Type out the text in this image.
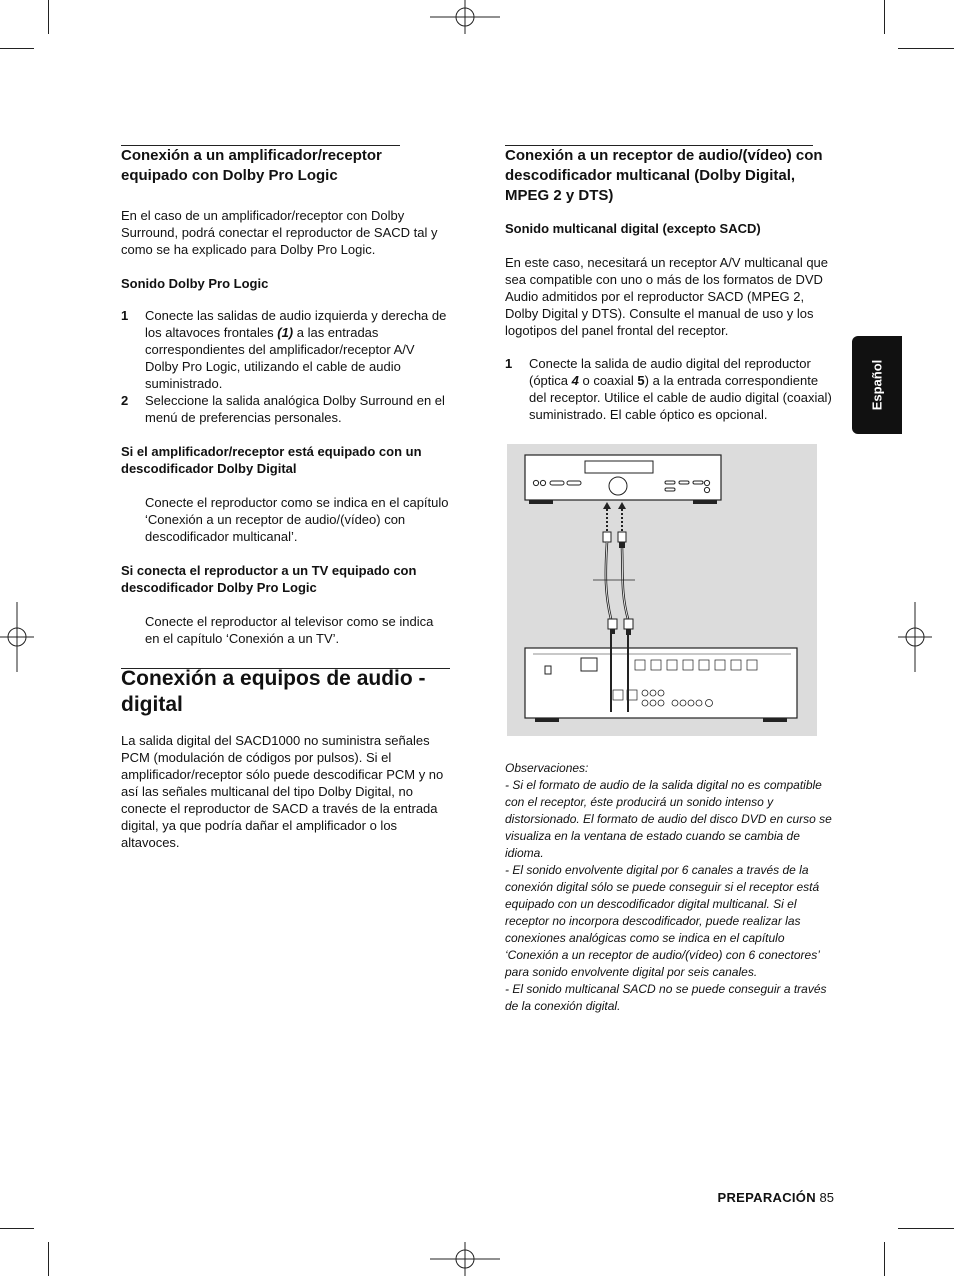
Conexión a un amplificador/receptor equipado con Dolby Pro Logic

En el caso de un amplificador/receptor con Dolby Surround, podrá conectar el reproductor de SACD tal y como se ha explicado para Dolby Pro Logic.

Sonido Dolby Pro Logic

1 Conecte las salidas de audio izquierda y derecha de los altavoces frontales (1) a las entradas correspondientes del amplificador/receptor A/V Dolby Pro Logic, utilizando el cable de audio suministrado.
2 Seleccione la salida analógica Dolby Surround en el menú de preferencias personales.

Si el amplificador/receptor está equipado con un descodificador Dolby Digital

Conecte el reproductor como se indica en el capítulo ‘Conexión a un receptor de audio/(vídeo) con descodificador multicanal’.

Si conecta el reproductor a un TV equipado con descodificador Dolby Pro Logic

Conecte el reproductor al televisor como se indica en el capítulo ‘Conexión a un TV’.

Conexión a equipos de audio - digital

La salida digital del SACD1000 no suministra señales PCM (modulación de códigos por pulsos). Si el amplificador/receptor sólo puede descodificar PCM y no así las señales multicanal del tipo Dolby Digital, no conecte el reproductor de SACD a través de la entrada digital, ya que podría dañar el amplificador o los altavoces.

Conexión a un receptor de audio/(vídeo) con descodificador multicanal (Dolby Digital, MPEG 2 y DTS)

Sonido multicanal digital (excepto SACD)

En este caso, necesitará un receptor A/V multicanal que sea compatible con uno o más de los formatos de DVD Audio admitidos por el reproductor SACD (MPEG 2, Dolby Digital y DTS). Consulte el manual de uso y los logotipos del panel frontal del receptor.

1 Conecte la salida de audio digital del reproductor (óptica 4 o coaxial 5) a la entrada correspondiente del receptor. Utilice el cable de audio digital (coaxial) suministrado. El cable óptico es opcional.

Observaciones:

- Si el formato de audio de la salida digital no es compatible con el receptor, éste producirá un sonido intenso y distorsionado. El formato de audio del disco DVD en curso se visualiza en la ventana de estado cuando se cambia de idioma.

- El sonido envolvente digital por 6 canales a través de la conexión digital sólo se puede conseguir si el receptor está equipado con un descodificador digital multicanal. Si el receptor no incorpora descodificador, puede realizar las conexiones analógicas como se indica en el capítulo ‘Conexión a un receptor de audio/(vídeo) con 6 conectores’ para sonido envolvente digital por seis canales.

- El sonido multicanal SACD no se puede conseguir a través de la conexión digital.

Español
PREPARACIÓN 85
